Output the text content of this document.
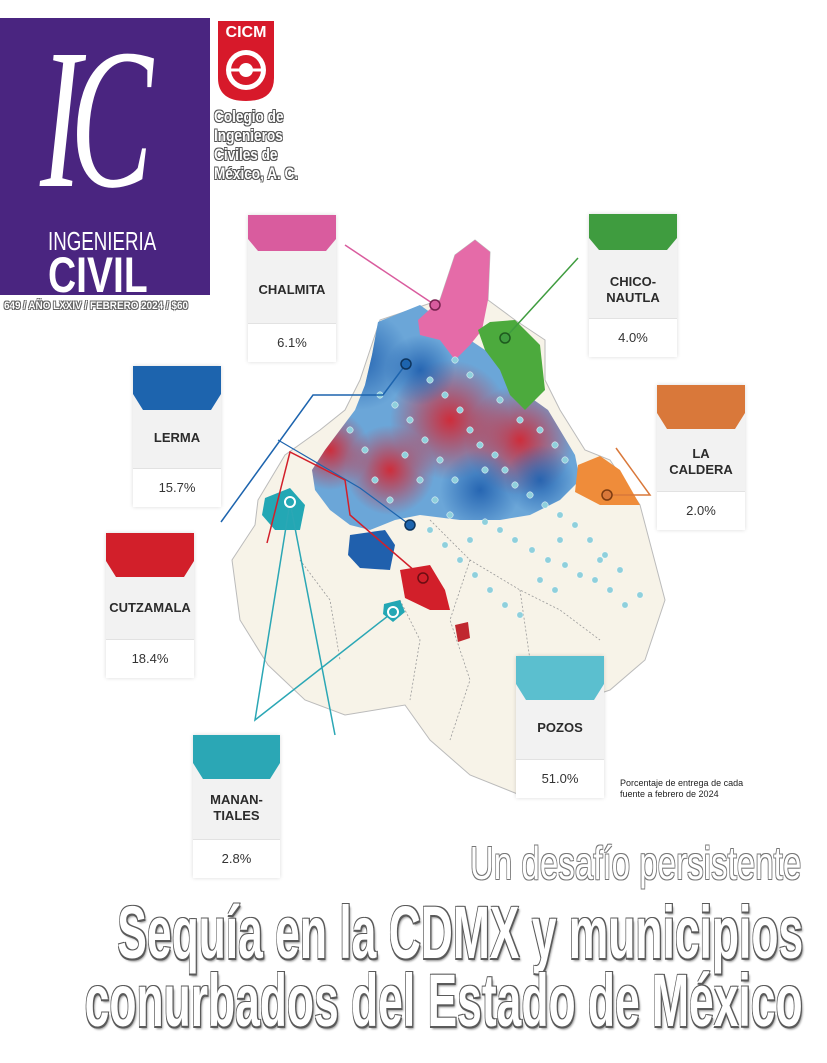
IC
INGENIERIA
CIVIL
649 / AÑO LXXIV / FEBRERO 2024 / $60
CICM
Colegio de
Ingenieros
Civiles de
México, A. C.
CHALMITA
6.1%
CHICO-
NAUTLA
4.0%
LERMA
15.7%
LA
CALDERA
2.0%
CUTZAMALA
18.4%
MANAN-
TIALES
2.8%
POZOS
51.0%	Porcentaje de entrega de cada fuente a febrero de 2024
Un desafío persistente
Sequía en la CDMX y municipios
conurbados del Estado de México
